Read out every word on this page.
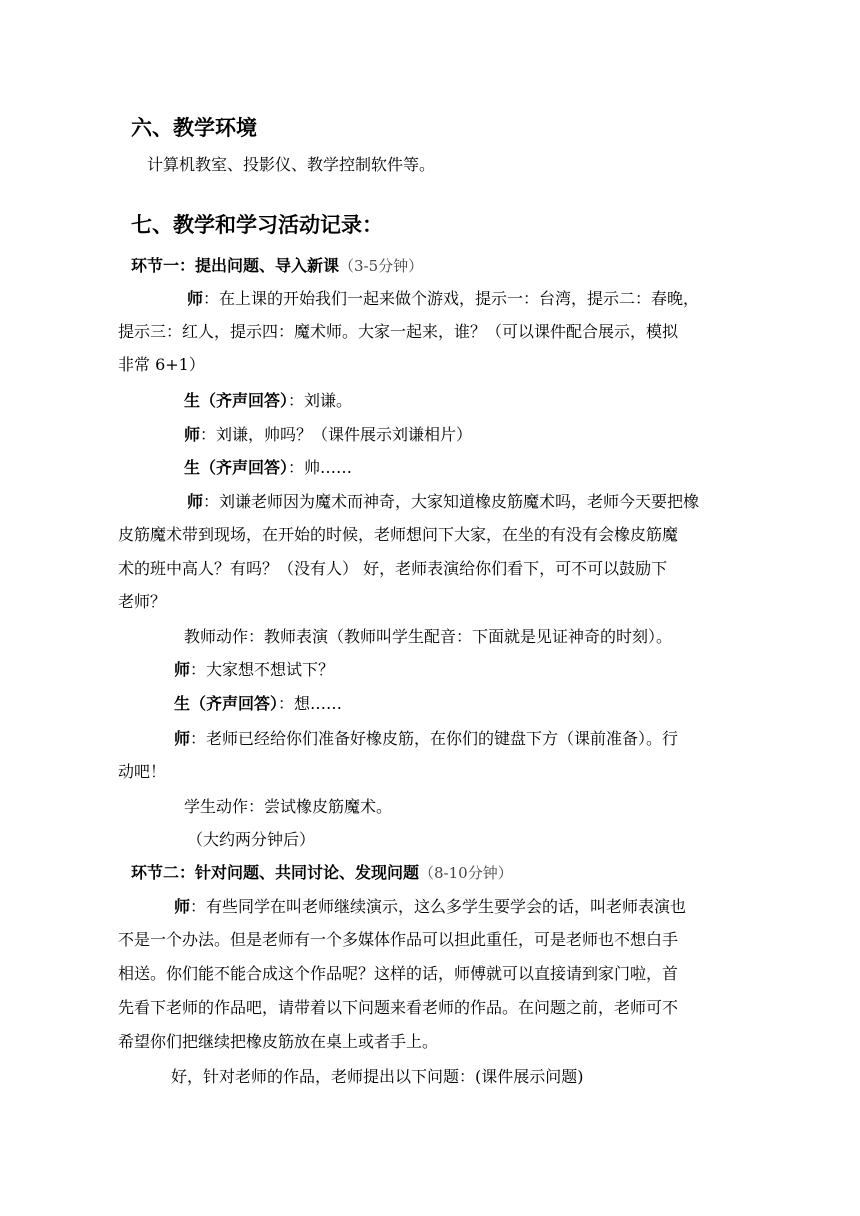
六、教学环境
计算机教室、投影仪、教学控制软件等。
七、教学和学习活动记录：
环节一：提出问题、导入新课（3-5分钟）
师：在上课的开始我们一起来做个游戏，提示一：台湾，提示二：春晚，
提示三：红人，提示四：魔术师。大家一起来，谁？（可以课件配合展示，模拟
非常 6+1）
生（齐声回答）：刘谦。
师：刘谦，帅吗？（课件展示刘谦相片）
生（齐声回答）：帅……
师：刘谦老师因为魔术而神奇，大家知道橡皮筋魔术吗，老师今天要把橡
皮筋魔术带到现场，在开始的时候，老师想问下大家，在坐的有没有会橡皮筋魔
术的班中高人？有吗？（没有人） 好，老师表演给你们看下，可不可以鼓励下
老师？
教师动作：教师表演（教师叫学生配音：下面就是见证神奇的时刻）。
师：大家想不想试下？
生（齐声回答）：想……
师：老师已经给你们准备好橡皮筋，在你们的键盘下方（课前准备）。行
动吧！
学生动作：尝试橡皮筋魔术。
（大约两分钟后）
环节二：针对问题、共同讨论、发现问题（8-10分钟）
师：有些同学在叫老师继续演示，这么多学生要学会的话，叫老师表演也
不是一个办法。但是老师有一个多媒体作品可以担此重任，可是老师也不想白手
相送。你们能不能合成这个作品呢？这样的话，师傅就可以直接请到家门啦，首
先看下老师的作品吧，请带着以下问题来看老师的作品。在问题之前，老师可不
希望你们把继续把橡皮筋放在桌上或者手上。
好，针对老师的作品，老师提出以下问题：(课件展示问题)
